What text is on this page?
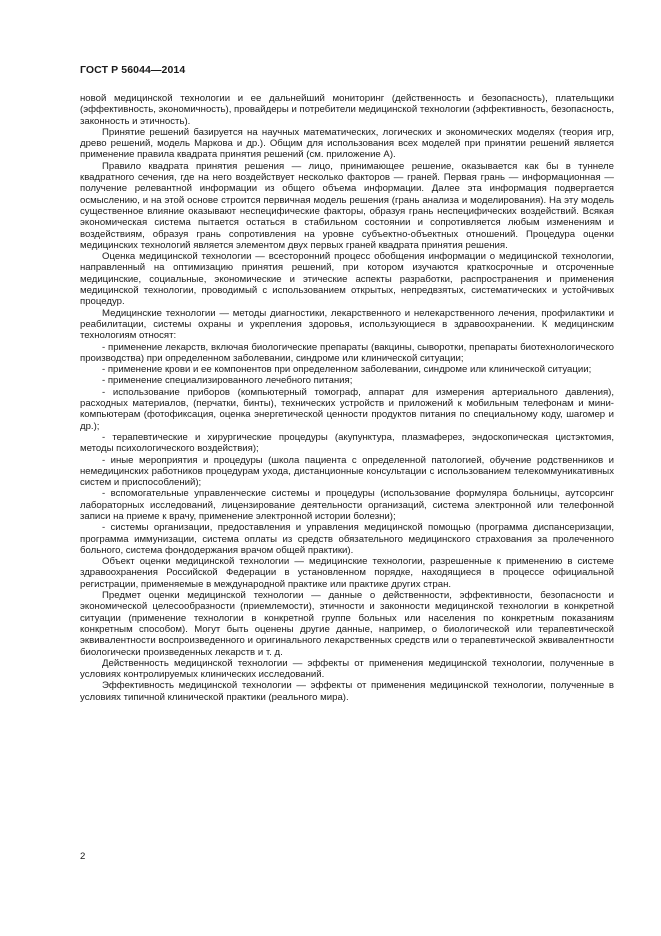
ГОСТ Р 56044—2014

новой медицинской технологии и ее дальнейший мониторинг (действенность и безопасность), плательщики (эффективность, экономичность), провайдеры и потребители медицинской технологии (эффективность, безопасность, законность и этичность).

Принятие решений базируется на научных математических, логических и экономических моделях (теория игр, древо решений, модель Маркова и др.). Общим для использования всех моделей при принятии решений является применение правила квадрата принятия решений (см. приложение А).

Правило квадрата принятия решения — лицо, принимающее решение, оказывается как бы в туннеле квадратного сечения, где на него воздействует несколько факторов — граней. Первая грань — информационная — получение релевантной информации из общего объема информации. Далее эта информация подвергается осмыслению, и на этой основе строится первичная модель решения (грань анализа и моделирования). На эту модель существенное влияние оказывают неспецифические факторы, образуя грань неспецифических воздействий. Всякая экономическая система пытается остаться в стабильном состоянии и сопротивляется любым изменениям и воздействиям, образуя грань сопротивления на уровне субъектно-объектных отношений. Процедура оценки медицинских технологий является элементом двух первых граней квадрата принятия решения.

Оценка медицинской технологии — всесторонний процесс обобщения информации о медицинской технологии, направленный на оптимизацию принятия решений, при котором изучаются краткосрочные и отсроченные медицинские, социальные, экономические и этические аспекты разработки, распространения и применения медицинской технологии, проводимый с использованием открытых, непредвзятых, систематических и устойчивых процедур.

Медицинские технологии — методы диагностики, лекарственного и нелекарственного лечения, профилактики и реабилитации, системы охраны и укрепления здоровья, использующиеся в здравоохранении. К медицинским технологиям относят:

- применение лекарств, включая биологические препараты (вакцины, сыворотки, препараты биотехнологического производства) при определенном заболевании, синдроме или клинической ситуации;

- применение крови и ее компонентов при определенном заболевании, синдроме или клинической ситуации;

- применение специализированного лечебного питания;

- использование приборов (компьютерный томограф, аппарат для измерения артериального давления), расходных материалов, (перчатки, бинты), технических устройств и приложений к мобильным телефонам и мини-компьютерам (фотофиксация, оценка энергетической ценности продуктов питания по специальному коду, шагомер и др.);

- терапевтические и хирургические процедуры (акупунктура, плазмаферез, эндоскопическая цистэктомия, методы психологического воздействия);

- иные мероприятия и процедуры (школа пациента с определенной патологией, обучение родственников и немедицинских работников процедурам ухода, дистанционные консультации с использованием телекоммуникативных систем и приспособлений);

- вспомогательные управленческие системы и процедуры (использование формуляра больницы, аутсорсинг лабораторных исследований, лицензирование деятельности организаций, система электронной или телефонной записи на приеме к врачу, применение электронной истории болезни);

- системы организации, предоставления и управления медицинской помощью (программа диспансеризации, программа иммунизации, система оплаты из средств обязательного медицинского страхования за пролеченного больного, система фондодержания врачом общей практики).

Объект оценки медицинской технологии — медицинские технологии, разрешенные к применению в системе здравоохранения Российской Федерации в установленном порядке, находящиеся в процессе официальной регистрации, применяемые в международной практике или практике других стран.

Предмет оценки медицинской технологии — данные о действенности, эффективности, безопасности и экономической целесообразности (приемлемости), этичности и законности медицинской технологии в конкретной ситуации (применение технологии в конкретной группе больных или населения по конкретным показаниям конкретным способом). Могут быть оценены другие данные, например, о биологической или терапевтической эквивалентности воспроизведенного и оригинального лекарственных средств или о терапевтической эквивалентности биологически произведенных лекарств и т. д.

Действенность медицинской технологии — эффекты от применения медицинской технологии, полученные в условиях контролируемых клинических исследований.

Эффективность медицинской технологии — эффекты от применения медицинской технологии, полученные в условиях типичной клинической практики (реального мира).

2
